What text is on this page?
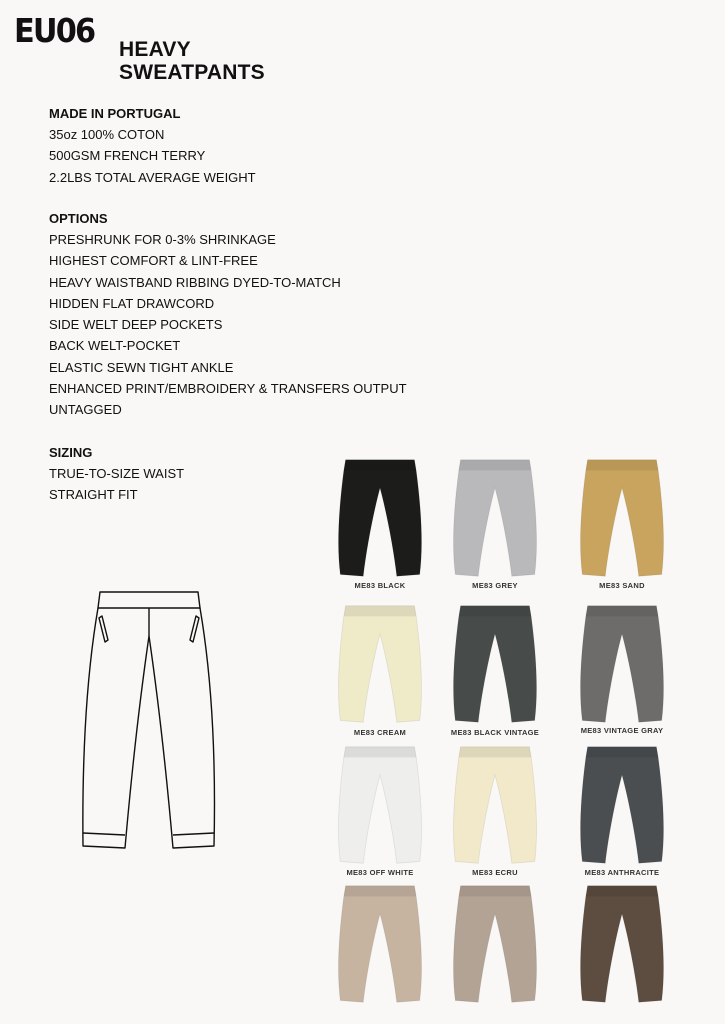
EU06 HEAVY
SWEATPANTS
MADE IN PORTUGAL
35oz 100% COTON
500GSM FRENCH TERRY
2.2LBS TOTAL AVERAGE WEIGHT
OPTIONS
PRESHRUNK FOR 0-3% SHRINKAGE
HIGHEST COMFORT & LINT-FREE
HEAVY WAISTBAND RIBBING DYED-TO-MATCH
HIDDEN FLAT DRAWCORD
SIDE WELT DEEP POCKETS
BACK WELT-POCKET
ELASTIC SEWN TIGHT ANKLE
ENHANCED PRINT/EMBROIDERY & TRANSFERS OUTPUT
UNTAGGED
SIZING
TRUE-TO-SIZE WAIST
STRAIGHT FIT
ME83 BLACK	ME83 GREY	ME83 SAND
ME83 CREAM	ME83 BLACK VINTAGE	ME83 VINTAGE GRAY
ME83 OFF WHITE	ME83 ECRU	ME83 ANTHRACITE
